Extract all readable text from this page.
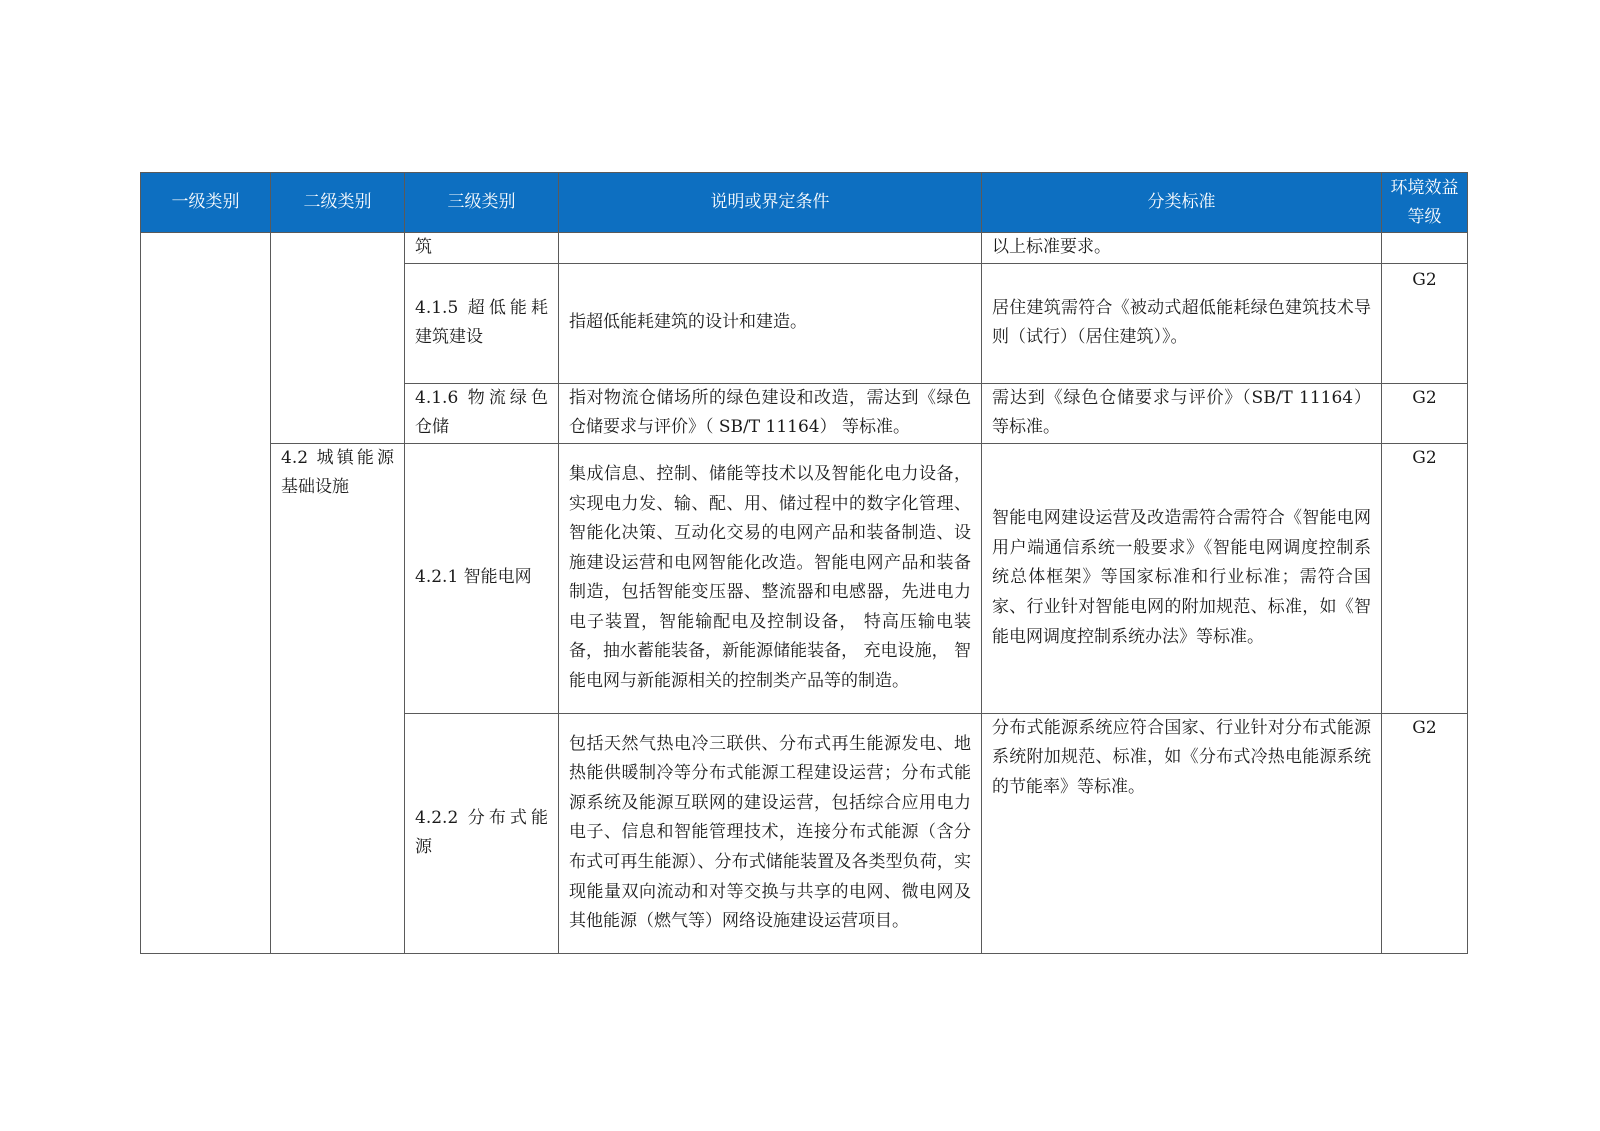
一级类别	二级类别	三级类别	说明或界定条件	分类标准	环境效益等级
		筑		以上标准要求。	
		4.1.5 超低能耗建筑建设	指超低能耗建筑的设计和建造。	居住建筑需符合《被动式超低能耗绿色建筑技术导则（试行）（居住建筑）》。	G2
		4.1.6 物流绿色仓储	指对物流仓储场所的绿色建设和改造，需达到《绿色仓储要求与评价》（ SB/T 11164） 等标准。	需达到《绿色仓储要求与评价》（SB/T 11164）等标准。	G2
	4.2 城镇能源基础设施	4.2.1 智能电网	集成信息、控制、储能等技术以及智能化电力设备，实现电力发、输、配、用、储过程中的数字化管理、智能化决策、互动化交易的电网产品和装备制造、设施建设运营和电网智能化改造。智能电网产品和装备制造，包括智能变压器、整流器和电感器，先进电力电子装置，智能输配电及控制设备， 特高压输电装备，抽水蓄能装备，新能源储能装备， 充电设施， 智能电网与新能源相关的控制类产品等的制造。	智能电网建设运营及改造需符合需符合《智能电网用户端通信系统一般要求》《智能电网调度控制系统总体框架》等国家标准和行业标准；需符合国家、行业针对智能电网的附加规范、标准，如《智能电网调度控制系统办法》等标准。	G2
		4.2.2 分布式能源	包括天然气热电冷三联供、分布式再生能源发电、地热能供暖制冷等分布式能源工程建设运营；分布式能源系统及能源互联网的建设运营，包括综合应用电力电子、信息和智能管理技术，连接分布式能源（含分布式可再生能源）、分布式储能装置及各类型负荷，实现能量双向流动和对等交换与共享的电网、微电网及其他能源（燃气等）网络设施建设运营项目。	分布式能源系统应符合国家、行业针对分布式能源系统附加规范、标准，如《分布式冷热电能源系统的节能率》等标准。	G2
